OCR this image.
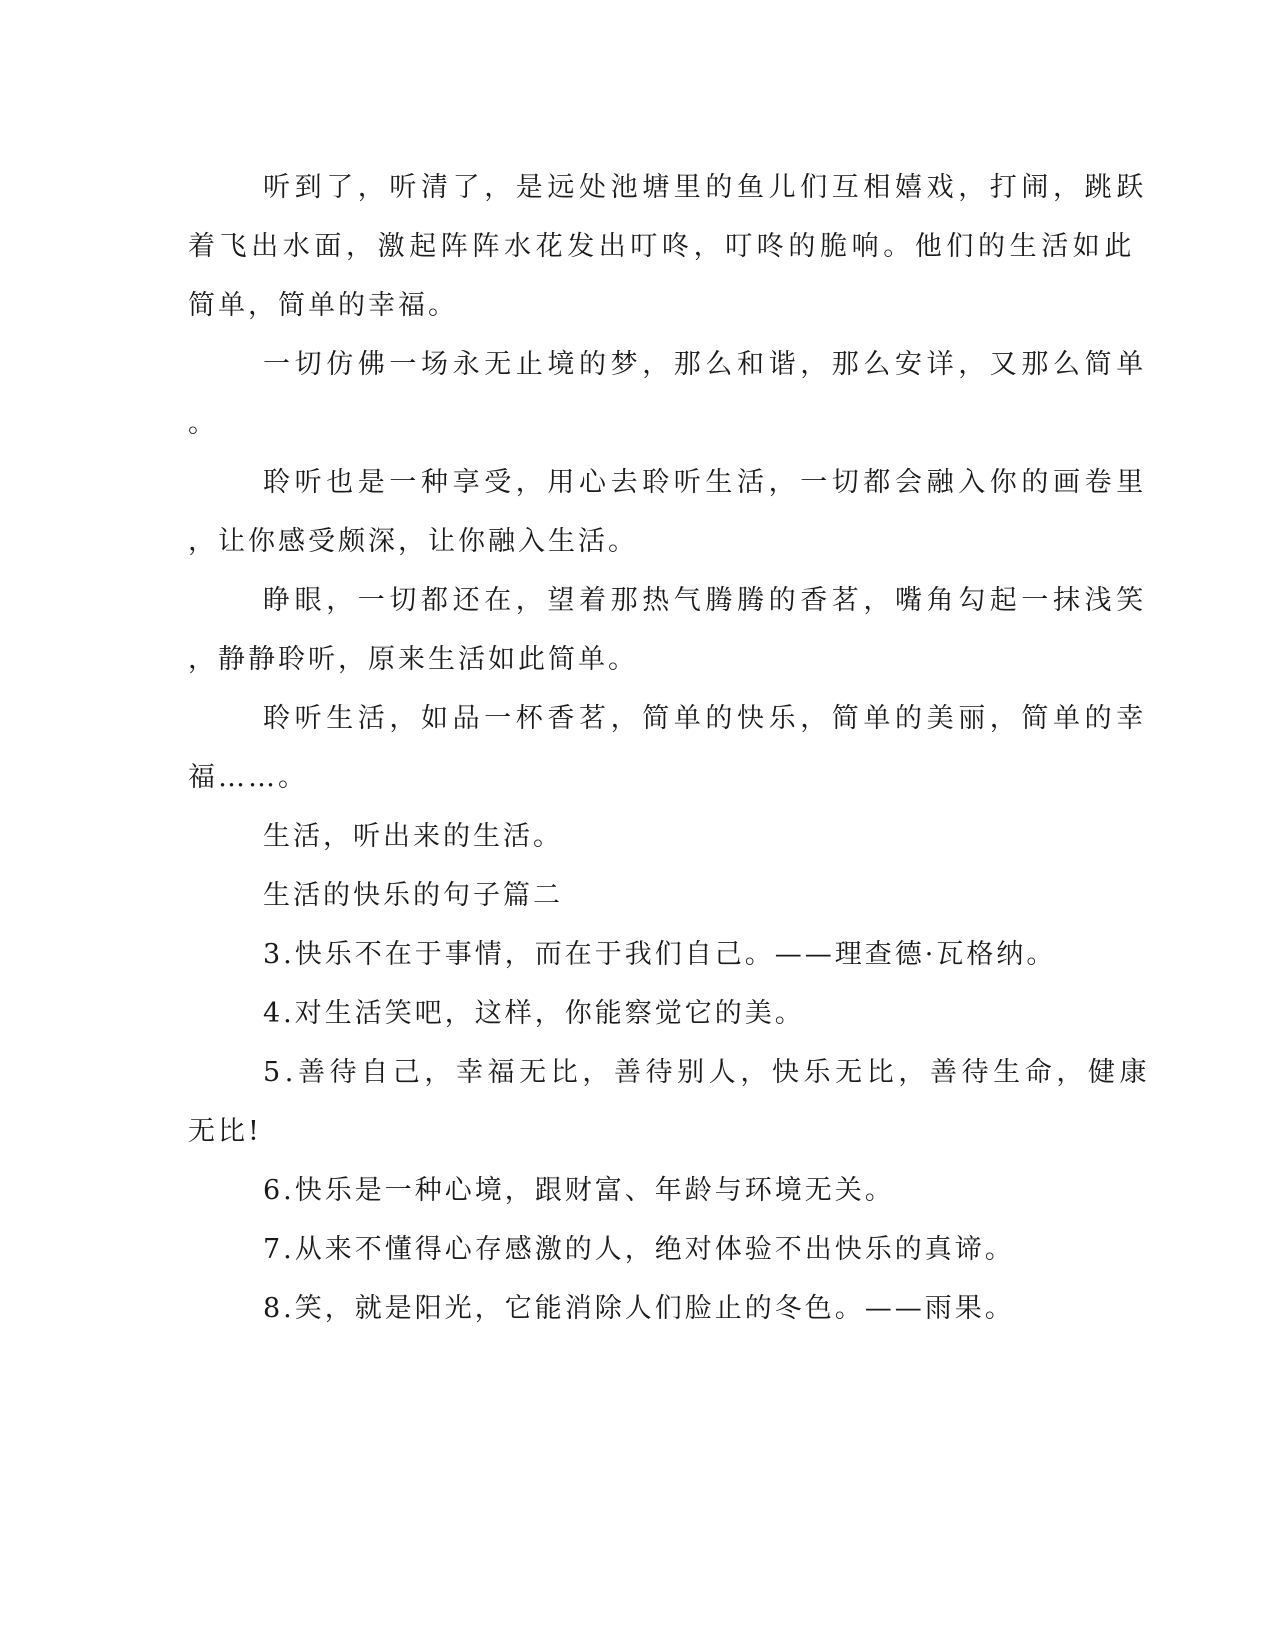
听到了，听清了，是远处池塘里的鱼儿们互相嬉戏，打闹，跳跃
着飞出水面，激起阵阵水花发出叮咚，叮咚的脆响。他们的生活如此
简单，简单的幸福。
一切仿佛一场永无止境的梦，那么和谐，那么安详，又那么简单
。
聆听也是一种享受，用心去聆听生活，一切都会融入你的画卷里
，让你感受颇深，让你融入生活。
睁眼，一切都还在，望着那热气腾腾的香茗，嘴角勾起一抹浅笑
，静静聆听，原来生活如此简单。
聆听生活，如品一杯香茗，简单的快乐，简单的美丽，简单的幸
福……。
生活，听出来的生活。
生活的快乐的句子篇二
3.快乐不在于事情，而在于我们自己。——理查德·瓦格纳。
4.对生活笑吧，这样，你能察觉它的美。
5.善待自己，幸福无比，善待别人，快乐无比，善待生命，健康
无比!
6.快乐是一种心境，跟财富、年龄与环境无关。
7.从来不懂得心存感激的人，绝对体验不出快乐的真谛。
8.笑，就是阳光，它能消除人们脸止的冬色。——雨果。
